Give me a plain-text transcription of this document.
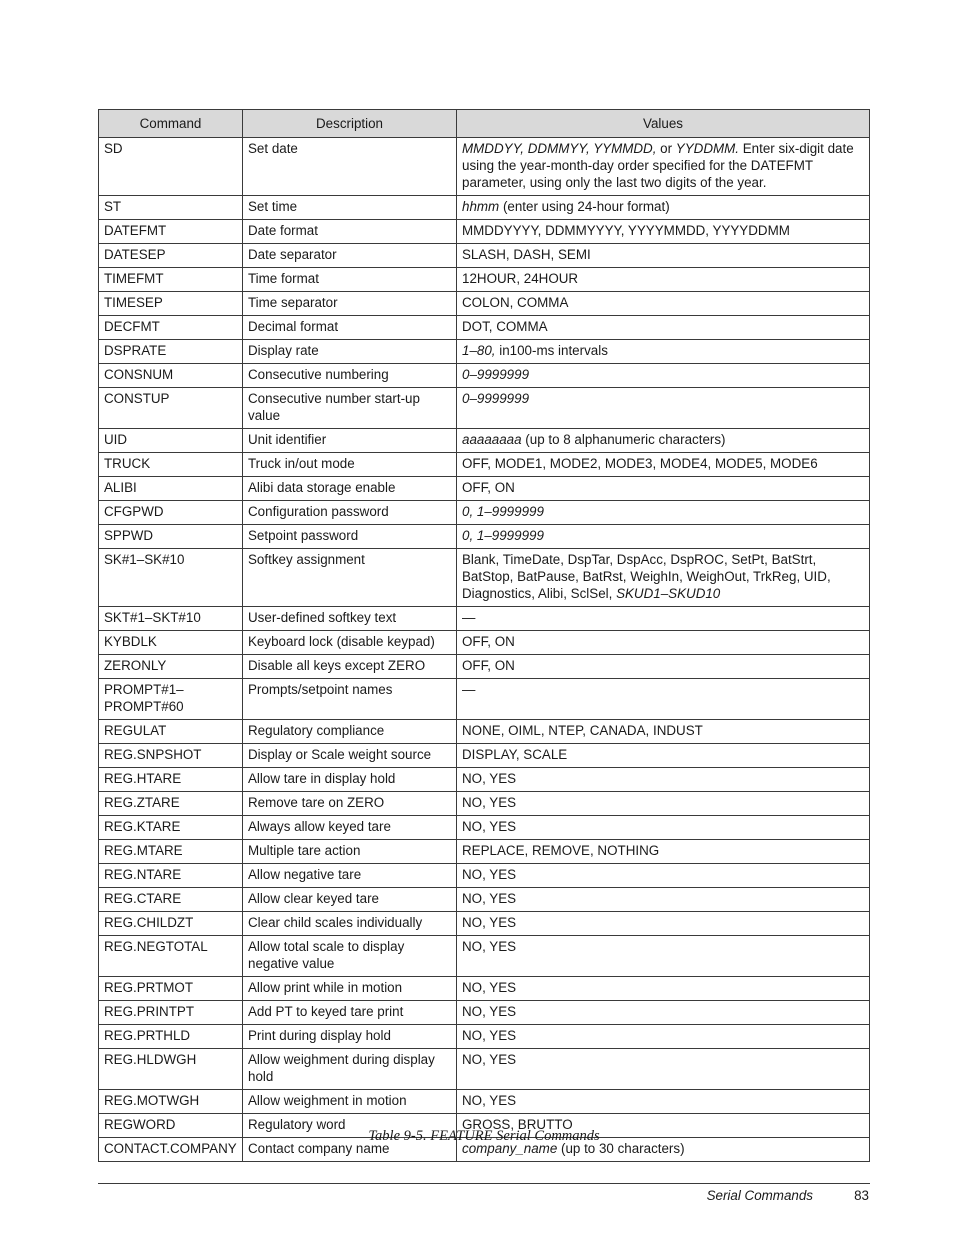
Command	Description	Values
SD	Set date	MMDDYY, DDMMYY, YYMMDD, or YYDDMM. Enter six-digit date using the year-month-day order specified for the DATEFMT parameter, using only the last two digits of the year.
ST	Set time	hhmm (enter using 24-hour format)
DATEFMT	Date format	MMDDYYYY, DDMMYYYY, YYYYMMDD, YYYYDDMM
DATESEP	Date separator	SLASH, DASH, SEMI
TIMEFMT	Time format	12HOUR, 24HOUR
TIMESEP	Time separator	COLON, COMMA
DECFMT	Decimal format	DOT, COMMA
DSPRATE	Display rate	1–80, in100-ms intervals
CONSNUM	Consecutive numbering	0–9999999
CONSTUP	Consecutive number start-up value	0–9999999
UID	Unit identifier	aaaaaaaa (up to 8 alphanumeric characters)
TRUCK	Truck in/out mode	OFF, MODE1, MODE2, MODE3, MODE4, MODE5, MODE6
ALIBI	Alibi data storage enable	OFF, ON
CFGPWD	Configuration password	0, 1–9999999
SPPWD	Setpoint password	0, 1–9999999
SK#1–SK#10	Softkey assignment	Blank, TimeDate, DspTar, DspAcc, DspROC, SetPt, BatStrt, BatStop, BatPause, BatRst, WeighIn, WeighOut, TrkReg, UID, Diagnostics, Alibi, SclSel, SKUD1–SKUD10
SKT#1–SKT#10	User-defined softkey text	—
KYBDLK	Keyboard lock (disable keypad)	OFF, ON
ZERONLY	Disable all keys except ZERO	OFF, ON
PROMPT#1–PROMPT#60	Prompts/setpoint names	—
REGULAT	Regulatory compliance	NONE, OIML, NTEP, CANADA, INDUST
REG.SNPSHOT	Display or Scale weight source	DISPLAY, SCALE
REG.HTARE	Allow tare in display hold	NO, YES
REG.ZTARE	Remove tare on ZERO	NO, YES
REG.KTARE	Always allow keyed tare	NO, YES
REG.MTARE	Multiple tare action	REPLACE, REMOVE, NOTHING
REG.NTARE	Allow negative tare	NO, YES
REG.CTARE	Allow clear keyed tare	NO, YES
REG.CHILDZT	Clear child scales individually	NO, YES
REG.NEGTOTAL	Allow total scale to display negative value	NO, YES
REG.PRTMOT	Allow print while in motion	NO, YES
REG.PRINTPT	Add PT to keyed tare print	NO, YES
REG.PRTHLD	Print during display hold	NO, YES
REG.HLDWGH	Allow weighment during display hold	NO, YES
REG.MOTWGH	Allow weighment in motion	NO, YES
REGWORD	Regulatory word	GROSS, BRUTTO
CONTACT.COMPANY	Contact company name	company_name (up to 30 characters)
Table 9-5. FEATURE Serial Commands
Serial Commands	83
